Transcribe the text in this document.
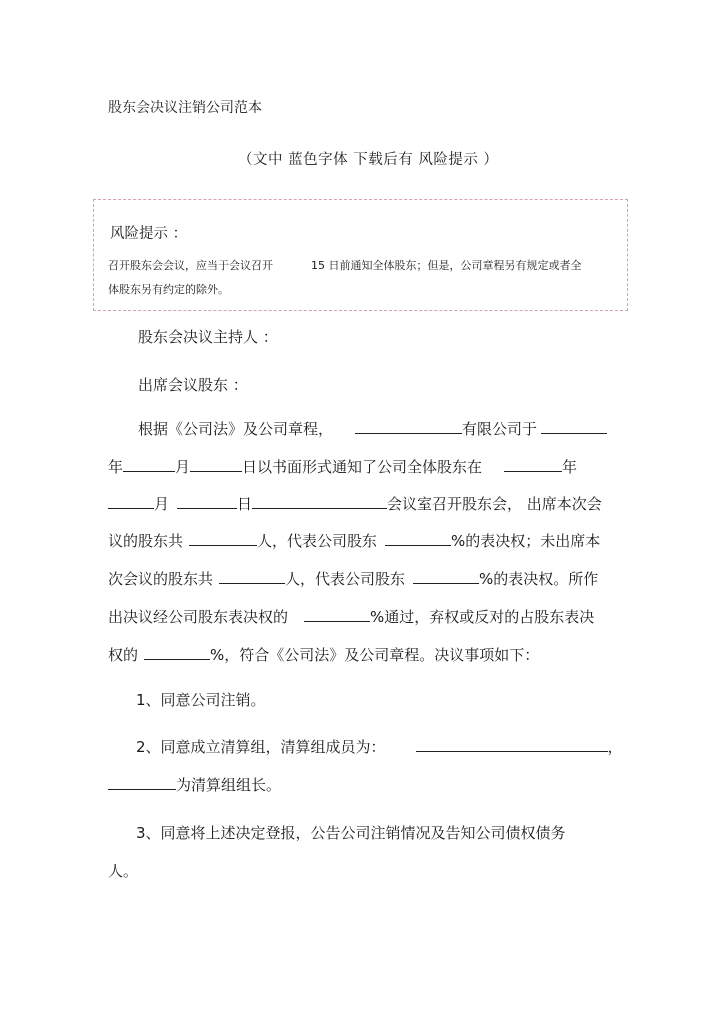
股东会决议注销公司范本
（文中 蓝色字体 下载后有 风险提示 ）
风险提示 ：
召开股东会会议，应当于会议召开	15 日前通知全体股东；但是，公司章程另有规定或者全
体股东另有约定的除外。
股东会决议主持人 ：
出席会议股东 ：
根据《公司法》及公司章程，	有限公司于
年	月	日以书面形式通知了公司全体股东在	年
月	日	会议室召开股东会， 出席本次会
议的股东共	人，代表公司股东	%的表决权；未出席本
次会议的股东共	人，代表公司股东	%的表决权。所作
出决议经公司股东表决权的	%通过，弃权或反对的占股东表决
权的	%，符合《公司法》及公司章程。决议事项如下：
1、同意公司注销。
2、同意成立清算组，清算组成员为：	，
为清算组组长。
3、同意将上述决定登报，公告公司注销情况及告知公司债权债务
人。
